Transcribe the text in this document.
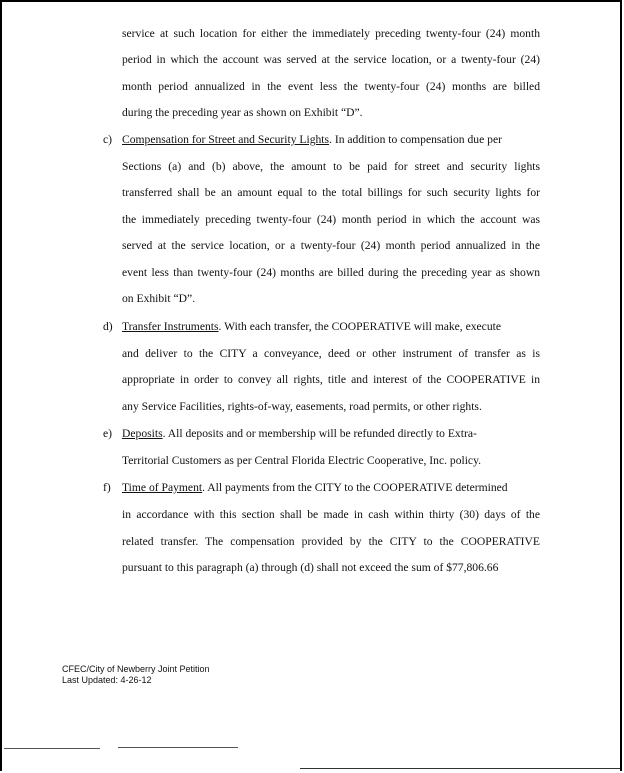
service at such location for either the immediately preceding twenty-four (24) month
period in which the account was served at the service location, or a twenty-four (24)
month period annualized in the event less the twenty-four (24) months are billed
during the preceding year as shown on Exhibit “D”.
c) Compensation for Street and Security Lights. In addition to compensation due per
Sections (a) and (b) above, the amount to be paid for street and security lights
transferred shall be an amount equal to the total billings for such security lights for
the immediately preceding twenty-four (24) month period in which the account was
served at the service location, or a twenty-four (24) month period annualized in the
event less than twenty-four (24) months are billed during the preceding year as shown
on Exhibit “D”.
d) Transfer Instruments. With each transfer, the COOPERATIVE will make, execute
and deliver to the CITY a conveyance, deed or other instrument of transfer as is
appropriate in order to convey all rights, title and interest of the COOPERATIVE in
any Service Facilities, rights-of-way, easements, road permits, or other rights.
e) Deposits. All deposits and or membership will be refunded directly to Extra-
Territorial Customers as per Central Florida Electric Cooperative, Inc. policy.
f) Time of Payment. All payments from the CITY to the COOPERATIVE determined
in accordance with this section shall be made in cash within thirty (30) days of the
related transfer. The compensation provided by the CITY to the COOPERATIVE
pursuant to this paragraph (a) through (d) shall not exceed the sum of $77,806.66
CFEC/City of Newberry Joint Petition
Last Updated: 4-26-12
